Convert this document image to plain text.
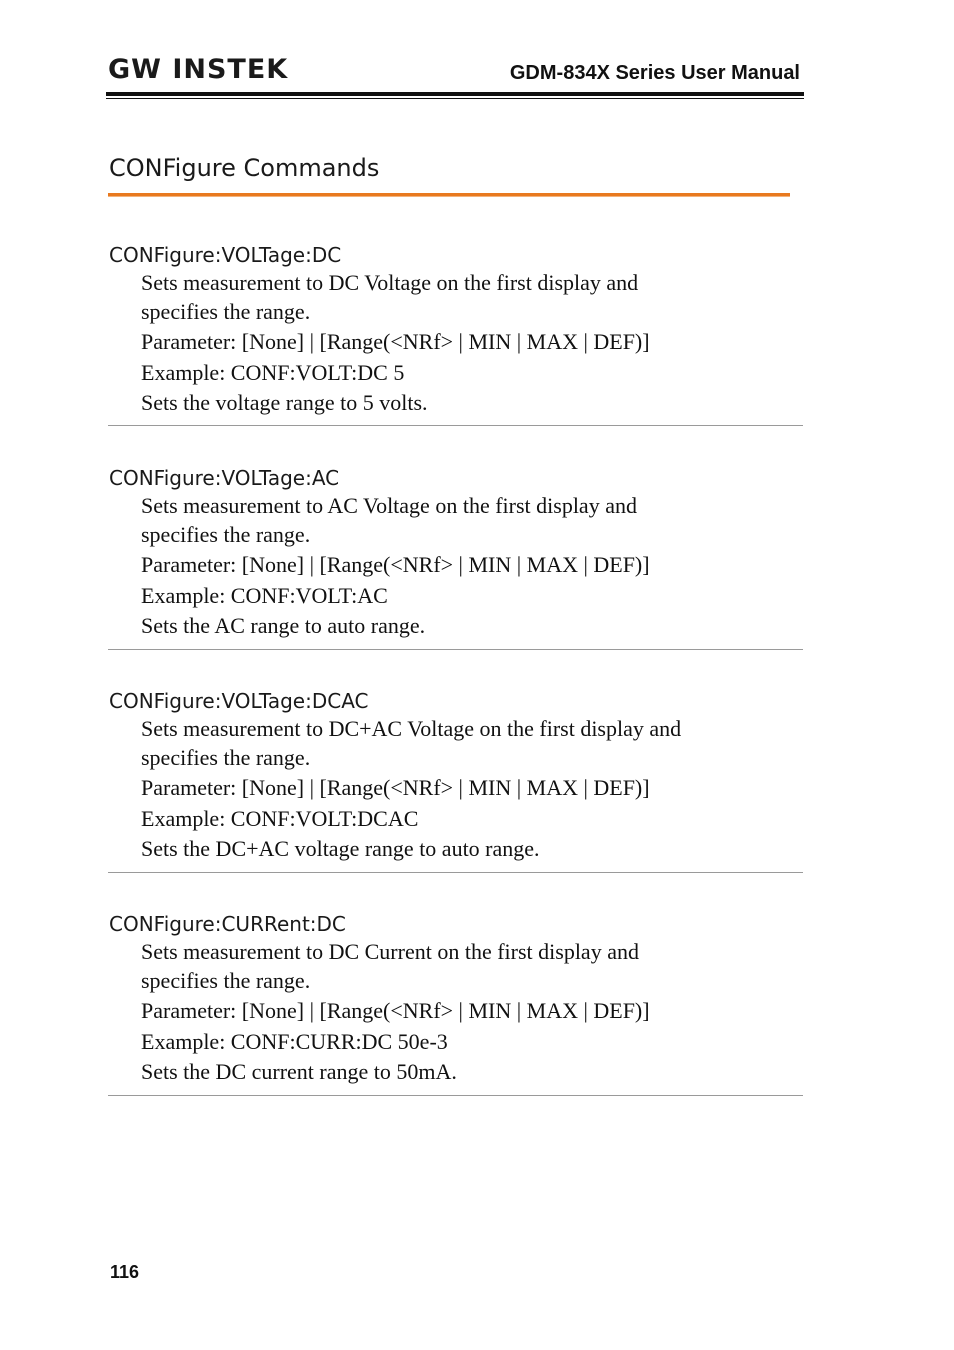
GW INSTEK	GDM-834X Series User Manual
CONFigure Commands

CONFigure:VOLTage:DC

Sets measurement to DC Voltage on the first display and
specifies the range.
Parameter: [None] | [Range(<NRf> | MIN | MAX | DEF)]
Example: CONF:VOLT:DC 5
Sets the voltage range to 5 volts.

CONFigure:VOLTage:AC

Sets measurement to AC Voltage on the first display and
specifies the range.
Parameter: [None] | [Range(<NRf> | MIN | MAX | DEF)]
Example: CONF:VOLT:AC
Sets the AC range to auto range.

CONFigure:VOLTage:DCAC

Sets measurement to DC+AC Voltage on the first display and
specifies the range.
Parameter: [None] | [Range(<NRf> | MIN | MAX | DEF)]
Example: CONF:VOLT:DCAC
Sets the DC+AC voltage range to auto range.

CONFigure:CURRent:DC

Sets measurement to DC Current on the first display and
specifies the range.
Parameter: [None] | [Range(<NRf> | MIN | MAX | DEF)]
Example: CONF:CURR:DC 50e-3
Sets the DC current range to 50mA.
116
